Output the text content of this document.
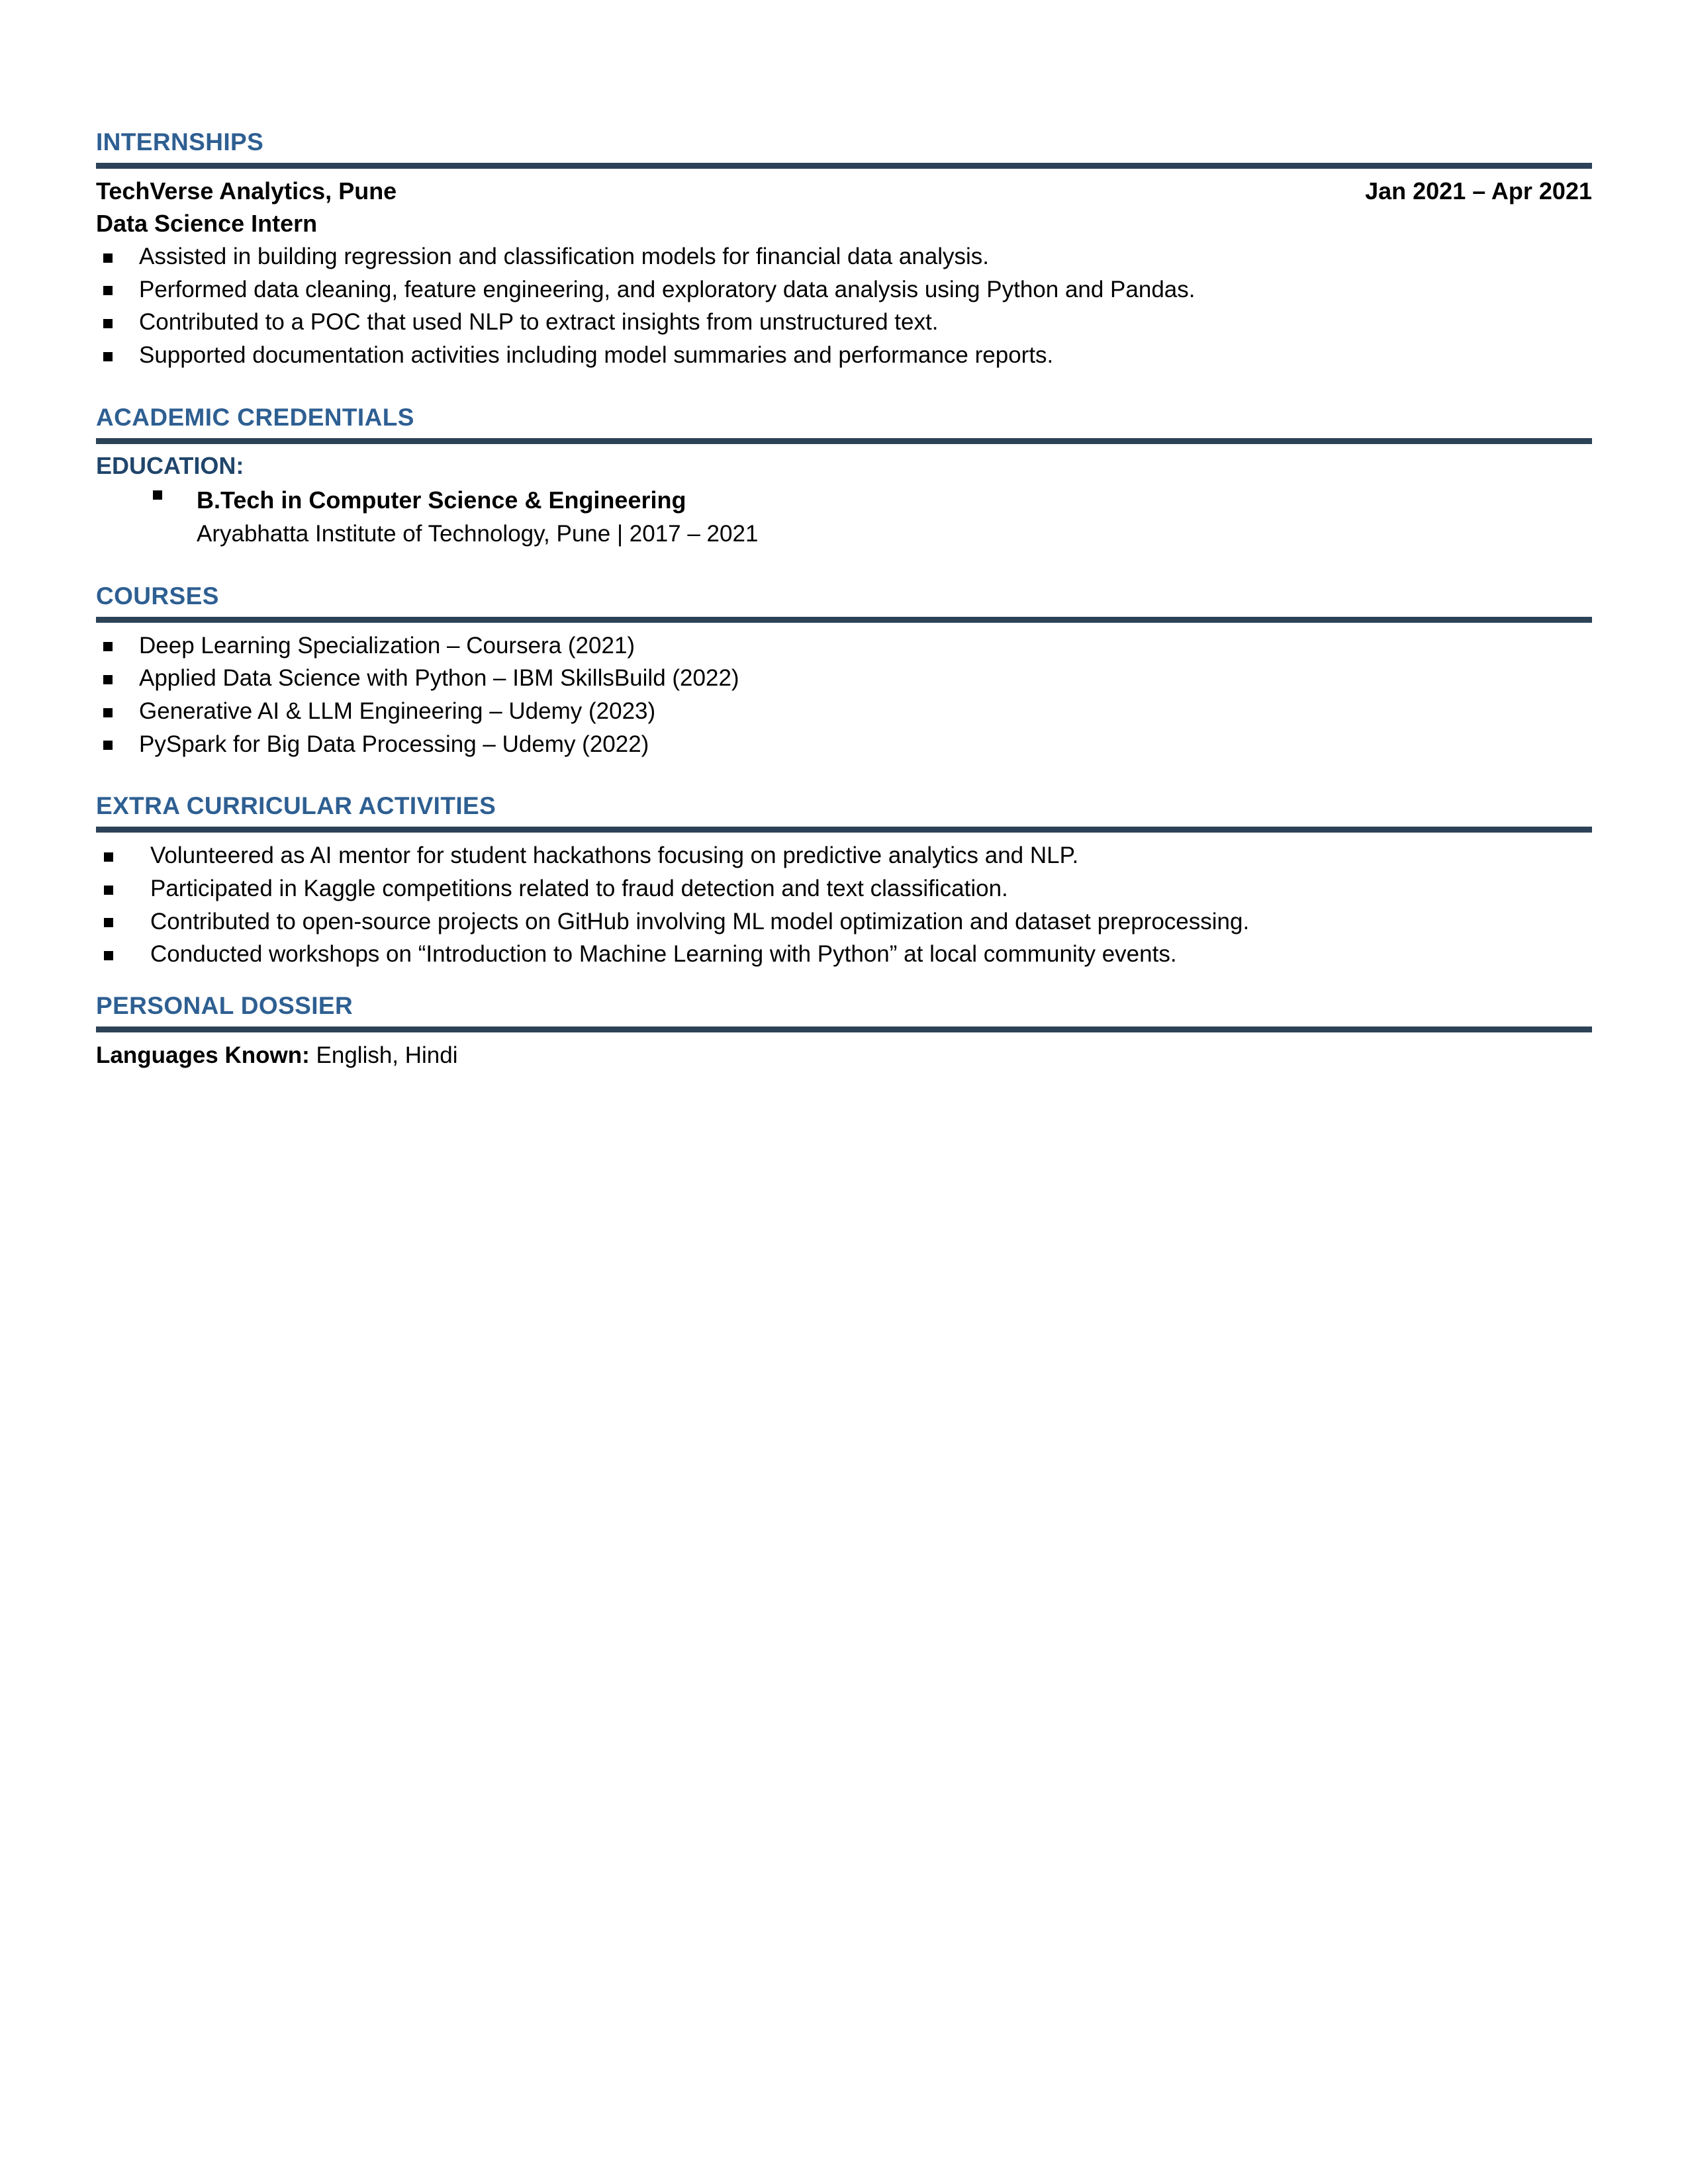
INTERNSHIPS
TechVerse Analytics, Pune	Jan 2021 – Apr 2021
Data Science Intern
Assisted in building regression and classification models for financial data analysis.
Performed data cleaning, feature engineering, and exploratory data analysis using Python and Pandas.
Contributed to a POC that used NLP to extract insights from unstructured text.
Supported documentation activities including model summaries and performance reports.
ACADEMIC CREDENTIALS
EDUCATION:
B.Tech in Computer Science & Engineering
Aryabhatta Institute of Technology, Pune | 2017 – 2021
COURSES
Deep Learning Specialization – Coursera (2021)
Applied Data Science with Python – IBM SkillsBuild (2022)
Generative AI & LLM Engineering – Udemy (2023)
PySpark for Big Data Processing – Udemy (2022)
EXTRA CURRICULAR ACTIVITIES
Volunteered as AI mentor for student hackathons focusing on predictive analytics and NLP.
Participated in Kaggle competitions related to fraud detection and text classification.
Contributed to open-source projects on GitHub involving ML model optimization and dataset preprocessing.
Conducted workshops on “Introduction to Machine Learning with Python” at local community events.
PERSONAL DOSSIER
Languages Known: English, Hindi
